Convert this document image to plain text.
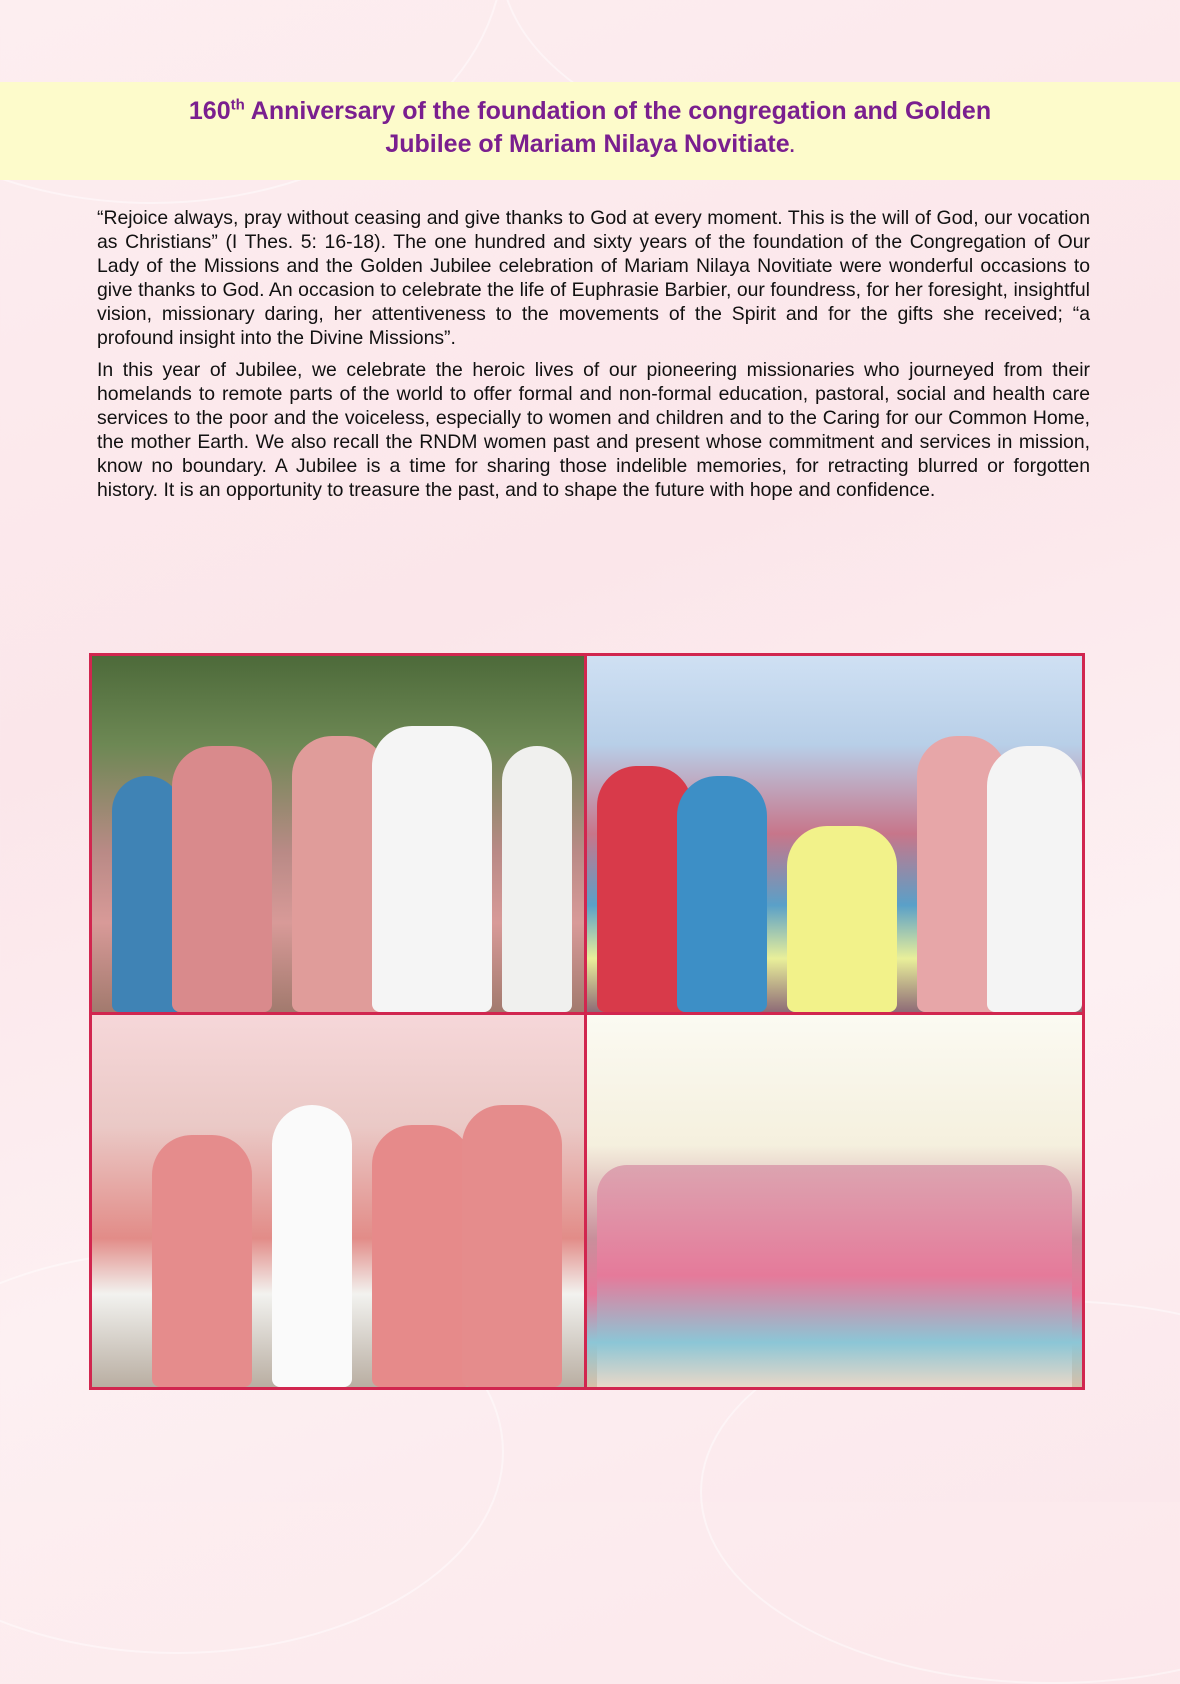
160th Anniversary of the foundation of the congregation and Golden
Jubilee of Mariam Nilaya Novitiate.

“Rejoice always, pray without ceasing and give thanks to God at every moment. This is the will of God, our vocation as Christians” (I Thes. 5: 16-18). The one hundred and sixty years of the foundation of the Congregation of Our Lady of the Missions and the Golden Jubilee celebration of Mariam Nilaya Novitiate were wonderful occasions to give thanks to God. An occasion to celebrate the life of Euphrasie Barbier, our foundress, for her foresight, insightful vision, missionary daring, her attentiveness to the movements of the Spirit and for the gifts she received; “a profound insight into the Divine Missions”.

In this year of Jubilee, we celebrate the heroic lives of our pioneering missionaries who journeyed from their homelands to remote parts of the world to offer formal and non-formal education, pastoral, social and health care services to the poor and the voiceless, especially to women and children and to the Caring for our Common Home, the mother Earth. We also recall the RNDM women past and present whose commitment and services in mission, know no boundary. A Jubilee is a time for sharing those indelible memories, for retracting blurred or forgotten history. It is an opportunity to treasure the past, and to shape the future with hope and confidence.
